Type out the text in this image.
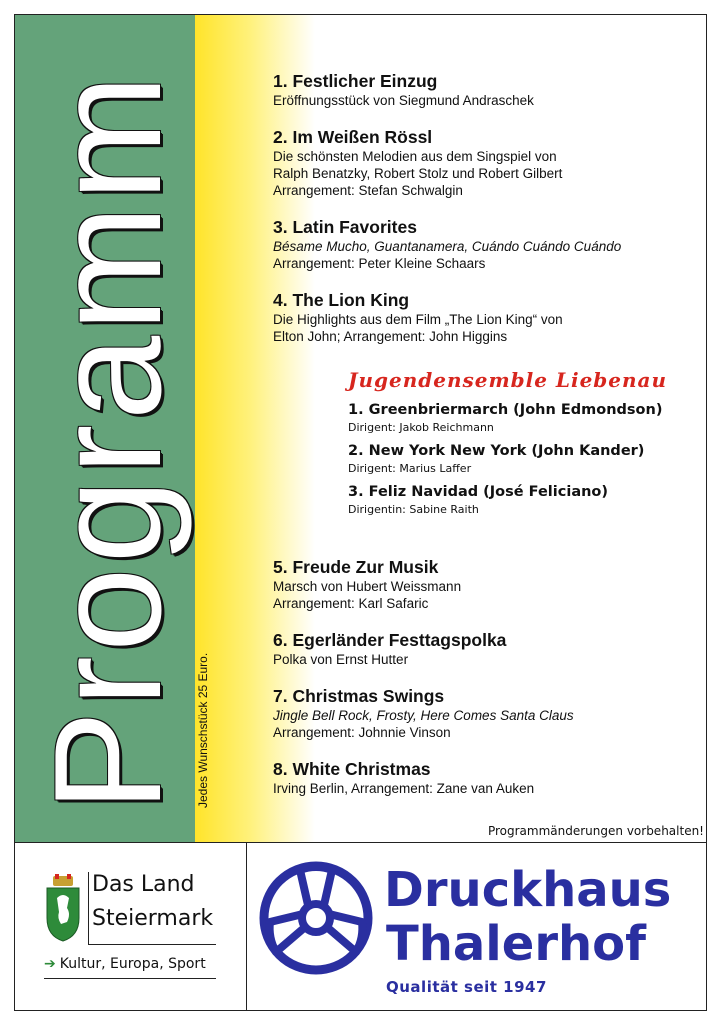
Programm Jedes Wunschstück 25 Euro.
1. Festlicher Einzug
Eröffnungsstück von Siegmund Andraschek
2. Im Weißen Rössl
Die schönsten Melodien aus dem Singspiel von
Ralph Benatzky, Robert Stolz und Robert Gilbert
Arrangement: Stefan Schwalgin
3. Latin Favorites
Bésame Mucho, Guantanamera, Cuándo Cuándo Cuándo
Arrangement: Peter Kleine Schaars
4. The Lion King
Die Highlights aus dem Film „The Lion King“ von
Elton John; Arrangement: John Higgins
Jugendensemble Liebenau
1. Greenbriermarch (John Edmondson)
Dirigent: Jakob Reichmann
2. New York New York (John Kander)
Dirigent: Marius Laffer
3. Feliz Navidad (José Feliciano)
Dirigentin: Sabine Raith
5. Freude Zur Musik
Marsch von Hubert Weissmann
Arrangement: Karl Safaric
6. Egerländer Festtagspolka
Polka von Ernst Hutter
7. Christmas Swings
Jingle Bell Rock, Frosty, Here Comes Santa Claus
Arrangement: Johnnie Vinson
8. White Christmas
Irving Berlin, Arrangement: Zane van Auken
Programmänderungen vorbehalten!
Das Land
Steiermark
➔ Kultur, Europa, Sport
Druckhaus
Thalerhof
Qualität seit 1947
